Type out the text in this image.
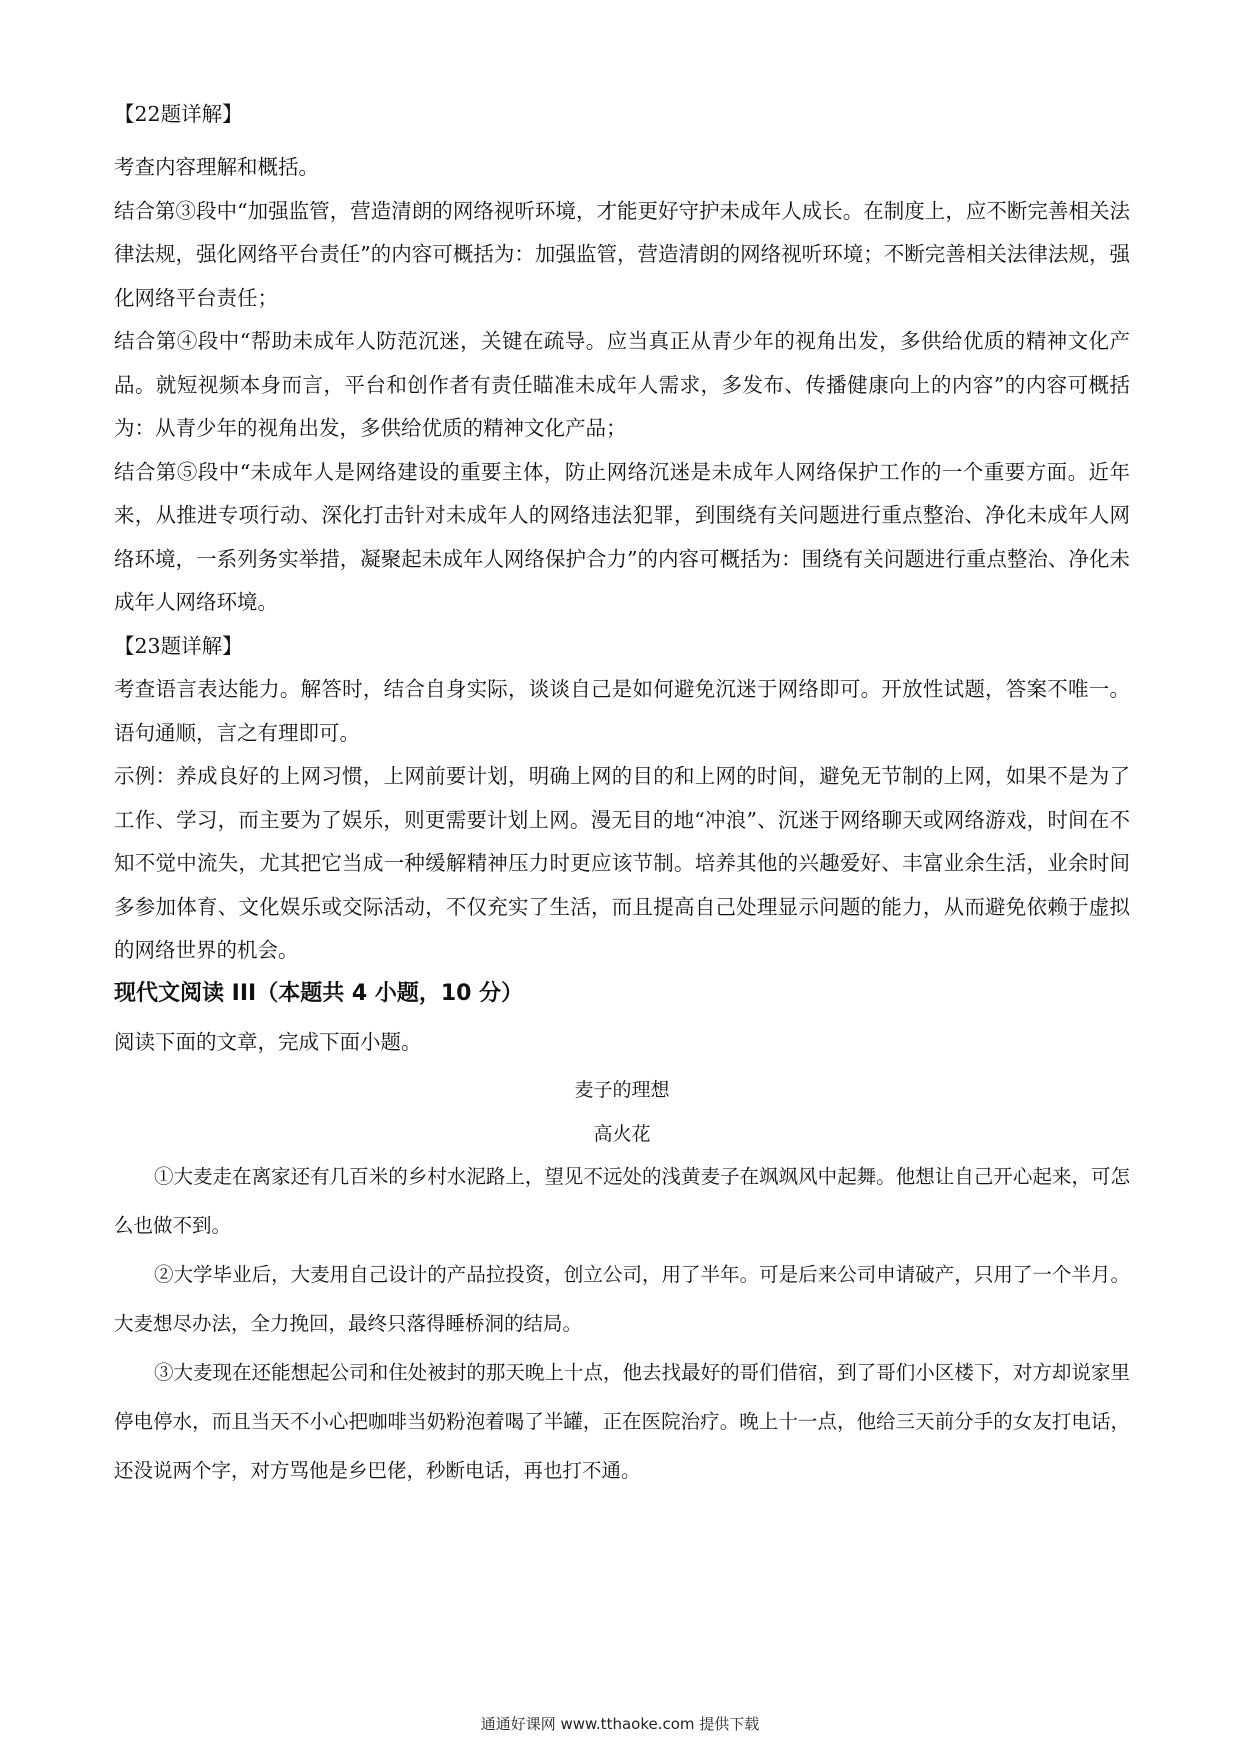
【22题详解】

考查内容理解和概括。

结合第③段中“加强监管，营造清朗的网络视听环境，才能更好守护未成年人成长。在制度上，应不断完善相关法律法规，强化网络平台责任”的内容可概括为：加强监管，营造清朗的网络视听环境；不断完善相关法律法规，强化网络平台责任；

结合第④段中“帮助未成年人防范沉迷，关键在疏导。应当真正从青少年的视角出发，多供给优质的精神文化产品。就短视频本身而言，平台和创作者有责任瞄准未成年人需求，多发布、传播健康向上的内容”的内容可概括为：从青少年的视角出发，多供给优质的精神文化产品；

结合第⑤段中“未成年人是网络建设的重要主体，防止网络沉迷是未成年人网络保护工作的一个重要方面。近年来，从推进专项行动、深化打击针对未成年人的网络违法犯罪，到围绕有关问题进行重点整治、净化未成年人网络环境，一系列务实举措，凝聚起未成年人网络保护合力”的内容可概括为：围绕有关问题进行重点整治、净化未成年人网络环境。

【23题详解】

考查语言表达能力。解答时，结合自身实际，谈谈自己是如何避免沉迷于网络即可。开放性试题，答案不唯一。语句通顺，言之有理即可。

示例：养成良好的上网习惯，上网前要计划，明确上网的目的和上网的时间，避免无节制的上网，如果不是为了工作、学习，而主要为了娱乐，则更需要计划上网。漫无目的地“冲浪”、沉迷于网络聊天或网络游戏，时间在不知不觉中流失，尤其把它当成一种缓解精神压力时更应该节制。培养其他的兴趣爱好、丰富业余生活，业余时间多参加体育、文化娱乐或交际活动，不仅充实了生活，而且提高自己处理显示问题的能力，从而避免依赖于虚拟的网络世界的机会。

现代文阅读 III（本题共 4 小题，10 分）

阅读下面的文章，完成下面小题。

麦子的理想

高火花

①大麦走在离家还有几百米的乡村水泥路上，望见不远处的浅黄麦子在飒飒风中起舞。他想让自己开心起来，可怎么也做不到。

②大学毕业后，大麦用自己设计的产品拉投资，创立公司，用了半年。可是后来公司申请破产，只用了一个半月。大麦想尽办法，全力挽回，最终只落得睡桥洞的结局。

③大麦现在还能想起公司和住处被封的那天晚上十点，他去找最好的哥们借宿，到了哥们小区楼下，对方却说家里停电停水，而且当天不小心把咖啡当奶粉泡着喝了半罐，正在医院治疗。晚上十一点，他给三天前分手的女友打电话，还没说两个字，对方骂他是乡巴佬，秒断电话，再也打不通。

通通好课网 www.tthaoke.com 提供下载
